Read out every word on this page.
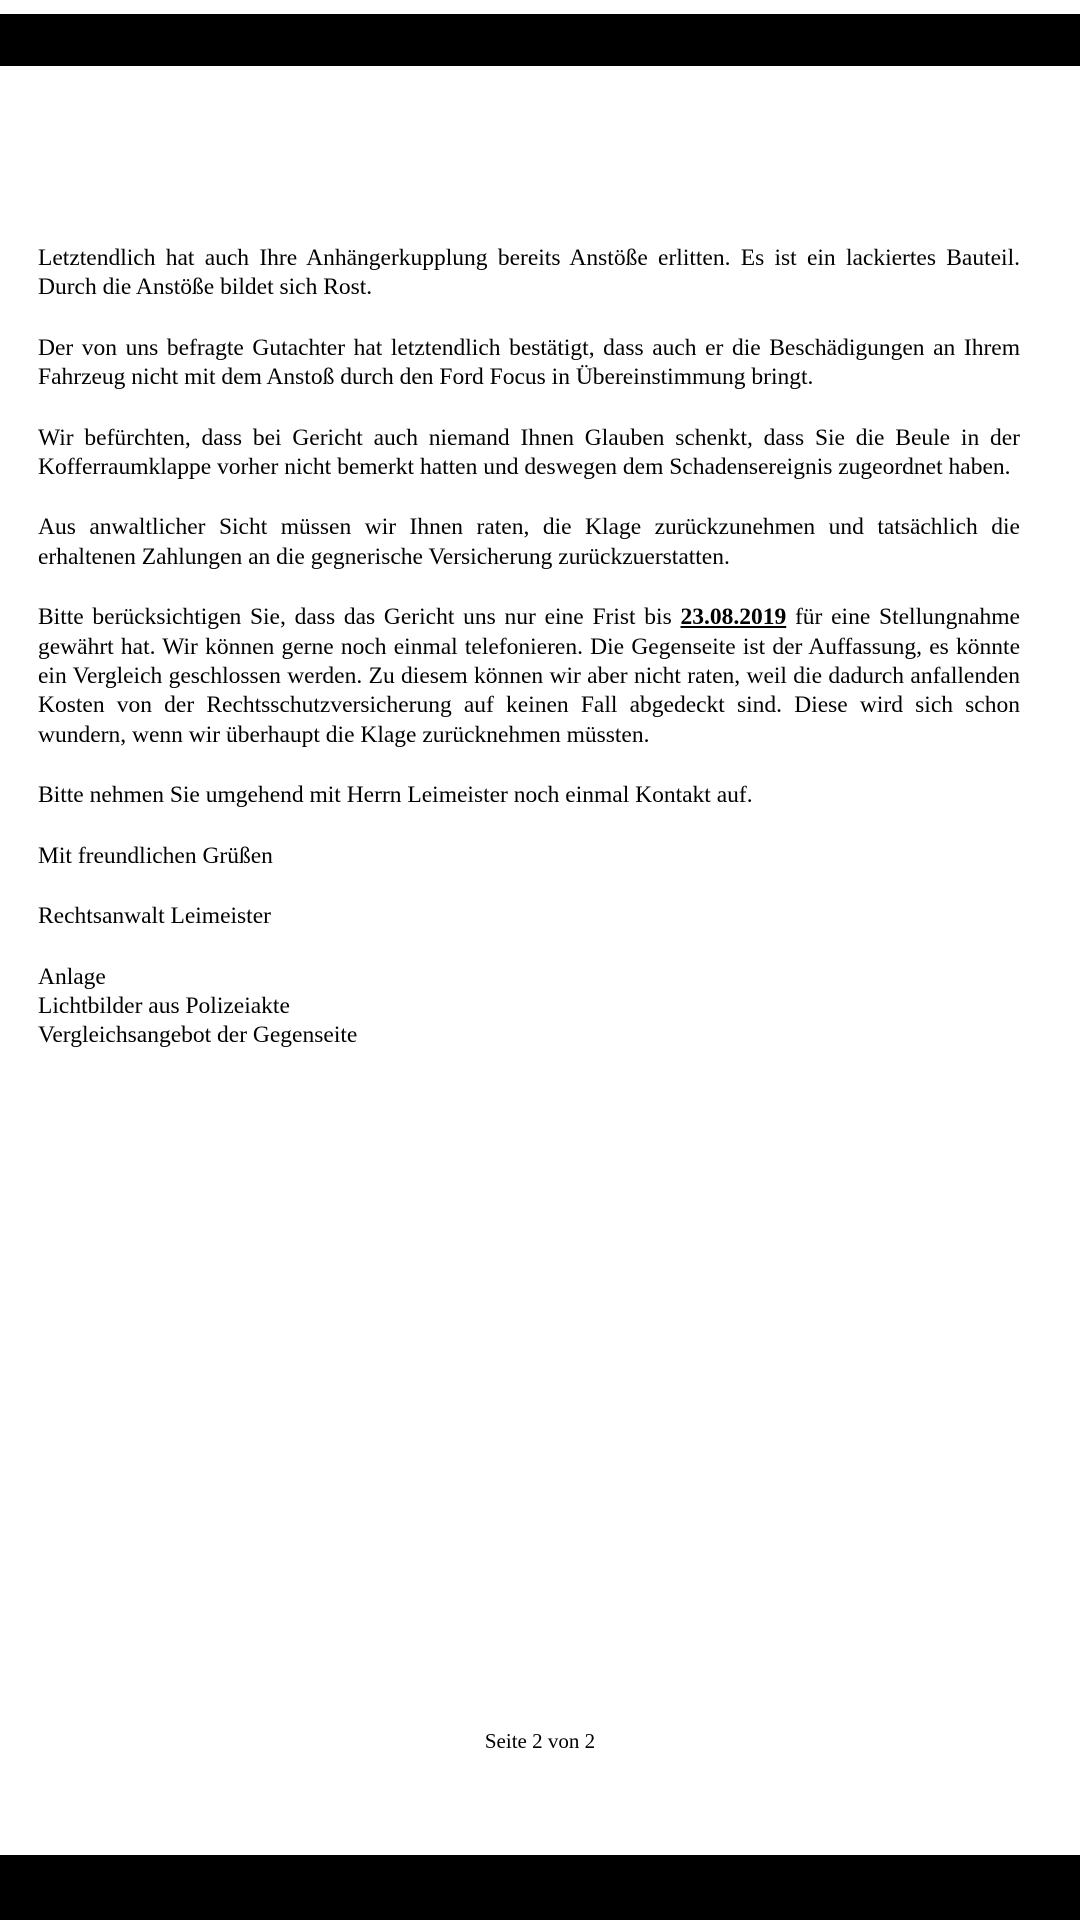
Letztendlich hat auch Ihre Anhängerkupplung bereits Anstöße erlitten. Es ist ein lackiertes Bauteil. Durch die Anstöße bildet sich Rost.

Der von uns befragte Gutachter hat letztendlich bestätigt, dass auch er die Beschädigungen an Ihrem Fahrzeug nicht mit dem Anstoß durch den Ford Focus in Übereinstimmung bringt.

Wir befürchten, dass bei Gericht auch niemand Ihnen Glauben schenkt, dass Sie die Beule in der Kofferraumklappe vorher nicht bemerkt hatten und deswegen dem Schadensereignis zugeordnet haben.

Aus anwaltlicher Sicht müssen wir Ihnen raten, die Klage zurückzunehmen und tatsächlich die erhaltenen Zahlungen an die gegnerische Versicherung zurückzuerstatten.

Bitte berücksichtigen Sie, dass das Gericht uns nur eine Frist bis 23.08.2019 für eine Stellungnahme gewährt hat. Wir können gerne noch einmal telefonieren. Die Gegenseite ist der Auffassung, es könnte ein Vergleich geschlossen werden. Zu diesem können wir aber nicht raten, weil die dadurch anfallenden Kosten von der Rechtsschutzversicherung auf keinen Fall abgedeckt sind. Diese wird sich schon wundern, wenn wir überhaupt die Klage zurücknehmen müssten.

Bitte nehmen Sie umgehend mit Herrn Leimeister noch einmal Kontakt auf.

Mit freundlichen Grüßen

Rechtsanwalt Leimeister

Anlage
Lichtbilder aus Polizeiakte
Vergleichsangebot der Gegenseite
Seite 2 von 2
